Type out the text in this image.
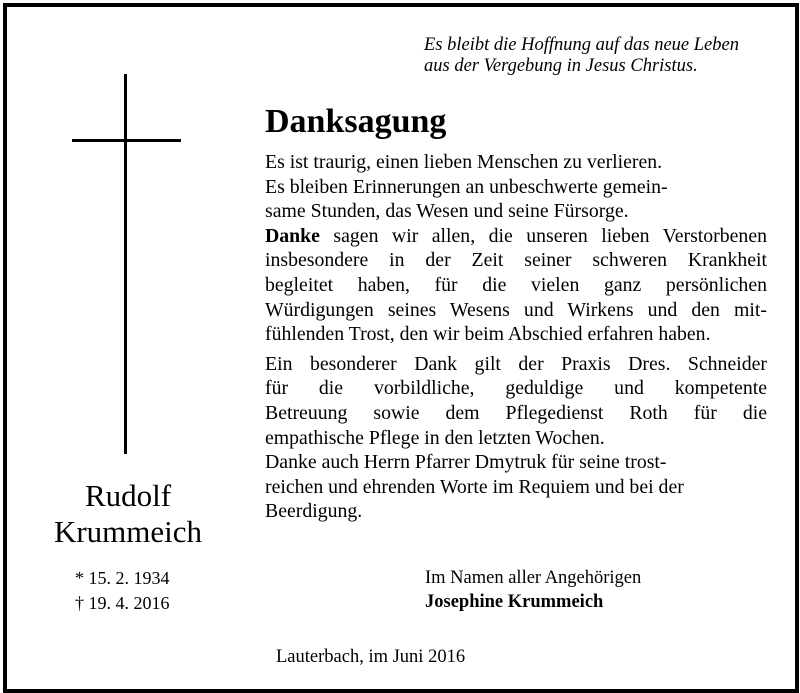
Es bleibt die Hoffnung auf das neue Leben
aus der Vergebung in Jesus Christus.
Rudolf
Krummeich
* 15. 2. 1934
† 19. 4. 2016
Danksagung
Es ist traurig, einen lieben Menschen zu verlieren.
Es bleiben Erinnerungen an unbeschwerte gemein-
same Stunden, das Wesen und seine Fürsorge.
Danke sagen wir allen, die unseren lieben Verstorbenen
insbesondere in der Zeit seiner schweren Krankheit
begleitet haben, für die vielen ganz persönlichen
Würdigungen seines Wesens und Wirkens und den mit-
fühlenden Trost, den wir beim Abschied erfahren haben.
Ein besonderer Dank gilt der Praxis Dres. Schneider
für die vorbildliche, geduldige und kompetente
Betreuung sowie dem Pflegedienst Roth für die
empathische Pflege in den letzten Wochen.
Danke auch Herrn Pfarrer Dmytruk für seine trost-
reichen und ehrenden Worte im Requiem und bei der
Beerdigung.
Im Namen aller Angehörigen
Josephine Krummeich
Lauterbach, im Juni 2016
